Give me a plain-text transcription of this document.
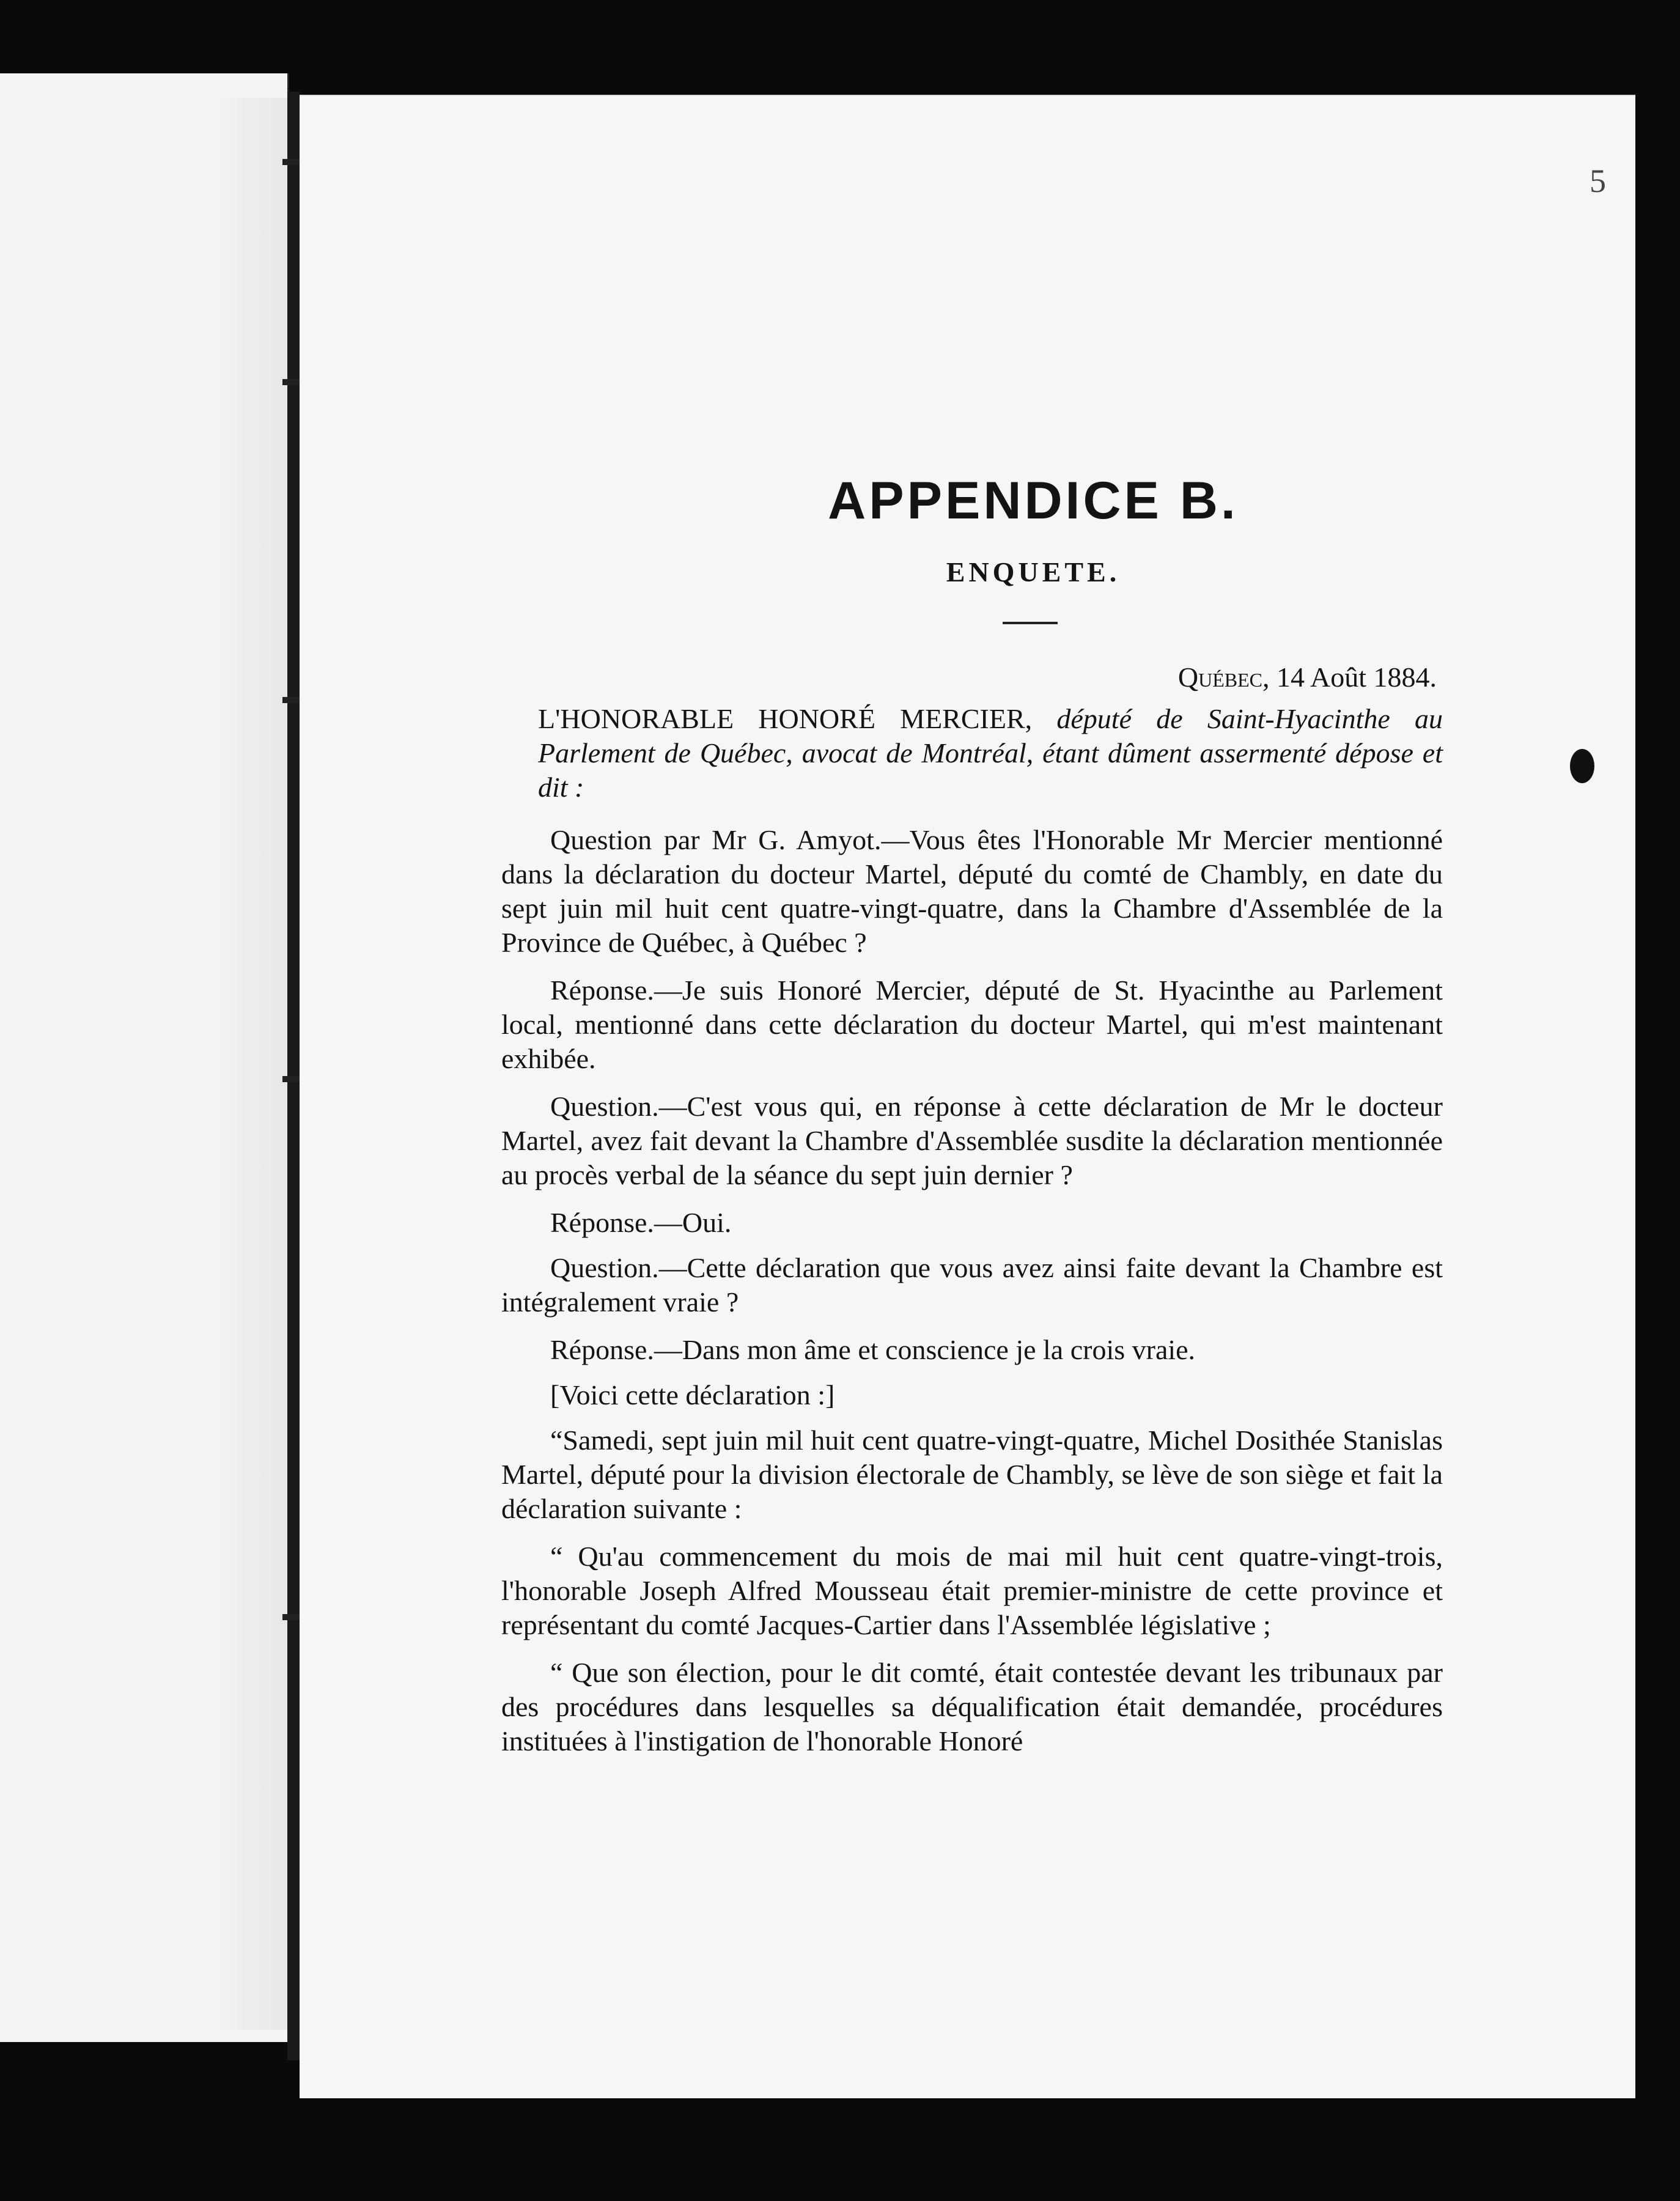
5
APPENDICE B.
ENQUETE.
Québec, 14 Août 1884.

L'HONORABLE HONORÉ MERCIER, député de Saint-Hyacinthe au Parlement de Québec, avocat de Montréal, étant dûment assermenté dépose et dit :

Question par Mr G. Amyot.—Vous êtes l'Honorable Mr Mercier mentionné dans la déclaration du docteur Martel, député du comté de Chambly, en date du sept juin mil huit cent quatre-vingt-quatre, dans la Chambre d'Assemblée de la Province de Québec, à Québec ?

Réponse.—Je suis Honoré Mercier, député de St. Hyacinthe au Parlement local, mentionné dans cette déclaration du docteur Martel, qui m'est maintenant exhibée.

Question.—C'est vous qui, en réponse à cette déclaration de Mr le docteur Martel, avez fait devant la Chambre d'Assemblée susdite la déclaration mentionnée au procès verbal de la séance du sept juin dernier ?

Réponse.—Oui.

Question.—Cette déclaration que vous avez ainsi faite devant la Chambre est intégralement vraie ?

Réponse.—Dans mon âme et conscience je la crois vraie.

[Voici cette déclaration :]

“Samedi, sept juin mil huit cent quatre-vingt-quatre, Michel Dosithée Stanislas Martel, député pour la division électorale de Chambly, se lève de son siège et fait la déclaration suivante :

“ Qu'au commencement du mois de mai mil huit cent quatre-vingt-trois, l'honorable Joseph Alfred Mousseau était premier-ministre de cette province et représentant du comté Jacques-Cartier dans l'Assemblée législative ;

“ Que son élection, pour le dit comté, était contestée devant les tribunaux par des procédures dans lesquelles sa déqualification était demandée, procédures instituées à l'instigation de l'honorable Honoré
